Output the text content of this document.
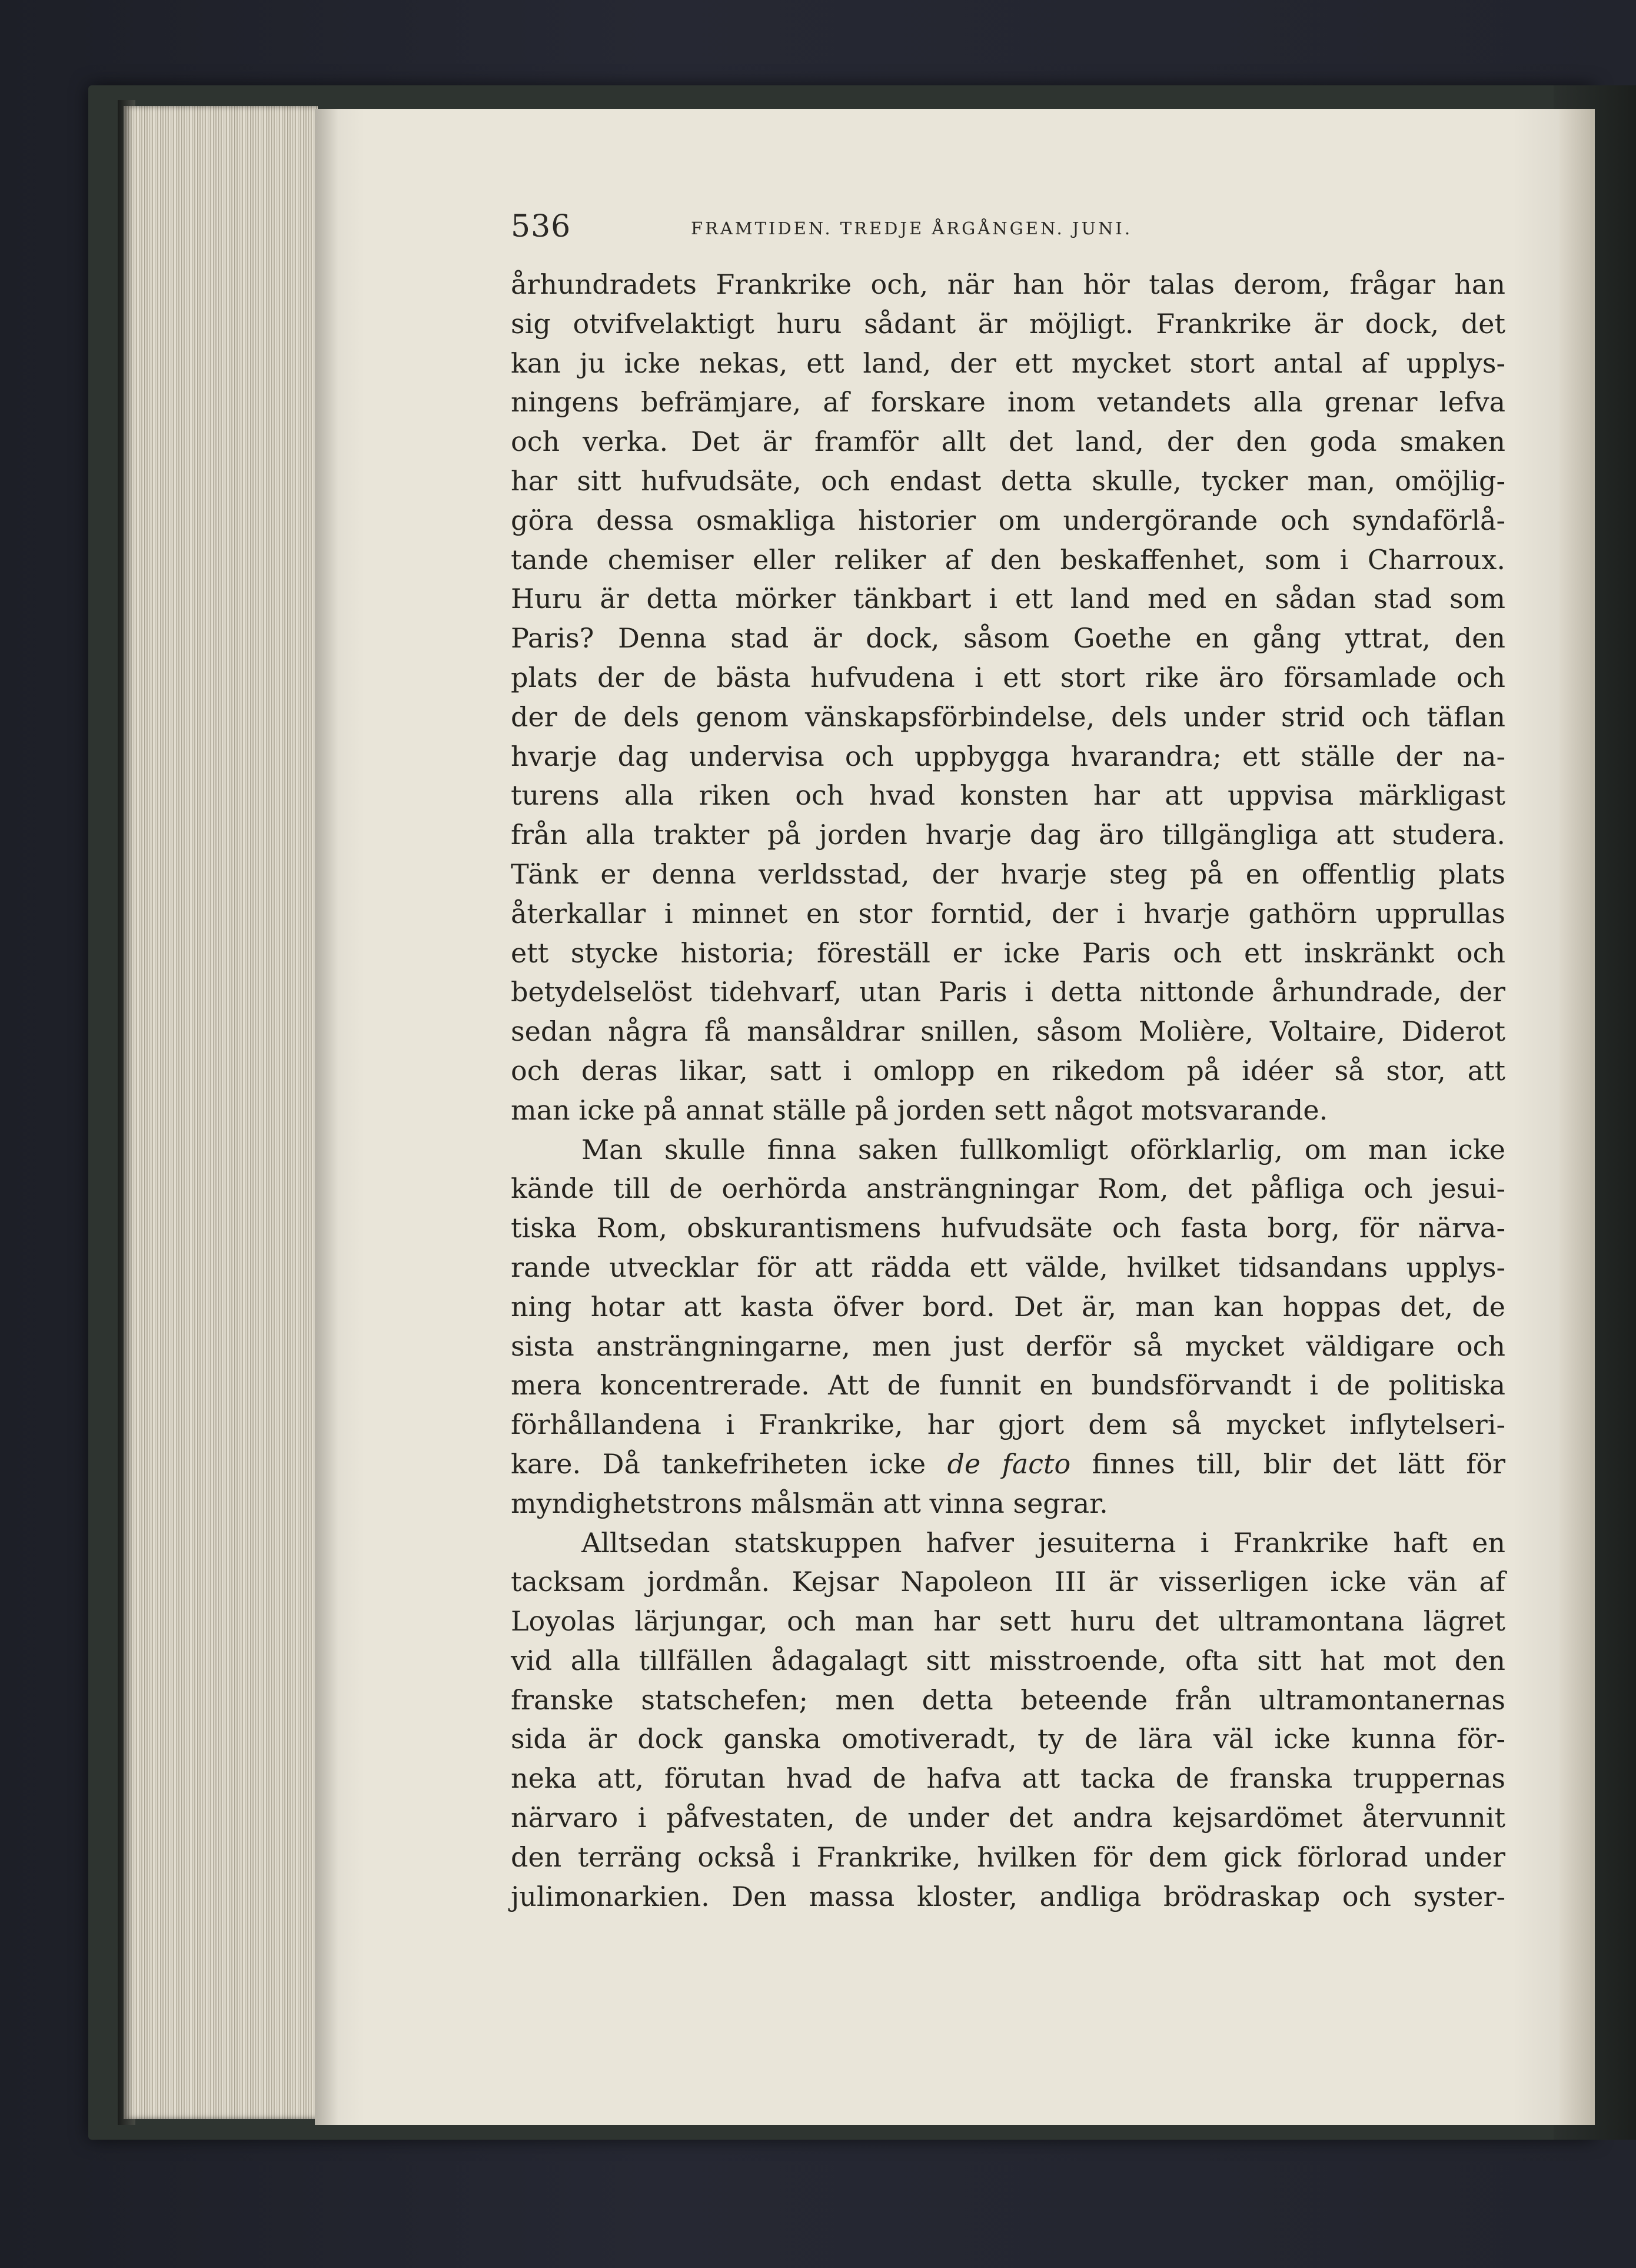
536	FRAMTIDEN. TREDJE ÅRGÅNGEN. JUNI.
århundradets Frankrike och, när han hör talas derom, frågar han
sig otvifvelaktigt huru sådant är möjligt. Frankrike är dock, det
kan ju icke nekas, ett land, der ett mycket stort antal af upplys-
ningens befrämjare, af forskare inom vetandets alla grenar lefva
och verka. Det är framför allt det land, der den goda smaken
har sitt hufvudsäte, och endast detta skulle, tycker man, omöjlig-
göra dessa osmakliga historier om undergörande och syndaförlå-
tande chemiser eller reliker af den beskaffenhet, som i Charroux.
Huru är detta mörker tänkbart i ett land med en sådan stad som
Paris? Denna stad är dock, såsom Goethe en gång yttrat, den
plats der de bästa hufvudena i ett stort rike äro församlade och
der de dels genom vänskapsförbindelse, dels under strid och täflan
hvarje dag undervisa och uppbygga hvarandra; ett ställe der na-
turens alla riken och hvad konsten har att uppvisa märkligast
från alla trakter på jorden hvarje dag äro tillgängliga att studera.
Tänk er denna verldsstad, der hvarje steg på en offentlig plats
återkallar i minnet en stor forntid, der i hvarje gathörn upprullas
ett stycke historia; föreställ er icke Paris och ett inskränkt och
betydelselöst tidehvarf, utan Paris i detta nittonde århundrade, der
sedan några få mansåldrar snillen, såsom Molière, Voltaire, Diderot
och deras likar, satt i omlopp en rikedom på idéer så stor, att
man icke på annat ställe på jorden sett något motsvarande.
Man skulle finna saken fullkomligt oförklarlig, om man icke
kände till de oerhörda ansträngningar Rom, det påfliga och jesui-
tiska Rom, obskurantismens hufvudsäte och fasta borg, för närva-
rande utvecklar för att rädda ett välde, hvilket tidsandans upplys-
ning hotar att kasta öfver bord. Det är, man kan hoppas det, de
sista ansträngningarne, men just derför så mycket väldigare och
mera koncentrerade. Att de funnit en bundsförvandt i de politiska
förhållandena i Frankrike, har gjort dem så mycket inflytelseri-
kare. Då tankefriheten icke de facto finnes till, blir det lätt för
myndighetstrons målsmän att vinna segrar.
Alltsedan statskuppen hafver jesuiterna i Frankrike haft en
tacksam jordmån. Kejsar Napoleon III är visserligen icke vän af
Loyolas lärjungar, och man har sett huru det ultramontana lägret
vid alla tillfällen ådagalagt sitt misstroende, ofta sitt hat mot den
franske statschefen; men detta beteende från ultramontanernas
sida är dock ganska omotiveradt, ty de lära väl icke kunna för-
neka att, förutan hvad de hafva att tacka de franska truppernas
närvaro i påfvestaten, de under det andra kejsardömet återvunnit
den terräng också i Frankrike, hvilken för dem gick förlorad under
julimonarkien. Den massa kloster, andliga brödraskap och syster-
